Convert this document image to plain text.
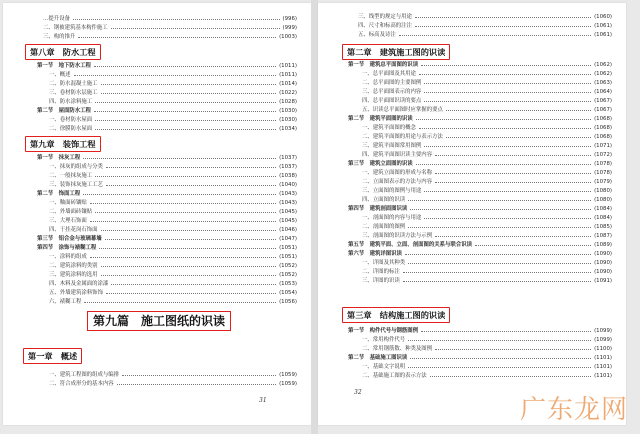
…提升设备	(996)
二、钢被建筑基本构件施工	(999)
三、构的推升	(1003)
第八章　防水工程
第一节　地下防水工程	(1011)
一、概述	(1011)
二、防水混凝土施工	(1014)
三、卷材防水层施工	(1022)
四、防水涂料施工	(1028)
第二节　屋面防水工程	(1030)
一、卷材防水屋面	(1030)
二、徐膜防水屋面	(1034)
第九章　装饰工程
第一节　抹灰工程	(1037)
一、抹灰的组成与分类	(1037)
二、一般抹灰施工	(1038)
三、装饰抹灰施工工艺	(1040)
第二节　饰面工程	(1043)
一、釉面砖镶贴	(1043)
二、外墙面砖镶贴	(1045)
三、大理石饰面	(1045)
四、干挂花岗石饰面	(1046)
第三节　铝合金与玻璃幕墙	(1047)
第四节　涂饰与裱糊工程	(1051)
一、涂料的组成	(1051)
二、建筑涂料的类别	(1052)
三、建筑涂料的选用	(1052)
四、木料及金属面的涂漆	(1053)
五、外墙建筑涂料饰饰	(1054)
六、裱糊工程	(1056)
第九篇　施工图纸的识读
第一章　概述
一、建筑工程图的组成与编排	(1059)
二、符合成形分的基本内容	(1059)
31
三、线型的规定与用途	(1060)
四、尺寸和标高的注注	(1061)
五、标高及诗注	(1061)
第二章　建筑施工图的识读
第一节　建筑总平面图的识读	(1062)
一、总平面图及其用途	(1062)
二、总平面图的主要图例	(1063)
三、总平面图表示的内容	(1064)
四、总平面图识读的要点	(1067)
五、识读总平面图时应掌握的要点	(1067)
第二节　建筑平面图的识读	(1068)
一、建筑平面图的概念	(1068)
二、建筑平面图的用途与表示方法	(1068)
三、建筑平面图常用图例	(1071)
四、建筑平面图识读主要内容	(1072)
第三节　建筑立面图的识读	(1078)
一、建筑立面图的形成与名称	(1078)
二、立面图表示的方法与内容	(1079)
三、立面图的图例与用途	(1080)
四、立面图的识读	(1080)
第四节　建筑剖面图识读	(1084)
一、剖面图的内容与用途	(1084)
二、剖面图的图例	(1085)
三、剖面图的识读方法与示例	(1087)
第五节　建筑平面、立面、剖面图的关系与联合识读	(1089)
第六节　建筑详图识读	(1090)
一、详图及其种类	(1090)
二、详图的标注	(1090)
三、详图的识读	(1091)
第三章　结构施工图的识读
第一节　构件代号与钢筋图例	(1099)
一、常用构件代号	(1099)
二、常用钢筋数、种类及图例	(1100)
第二节　基础施工图识读	(1101)
一、基础文字说明	(1101)
二、基础施工图的表示方法	(1101)
32
广东龙网
